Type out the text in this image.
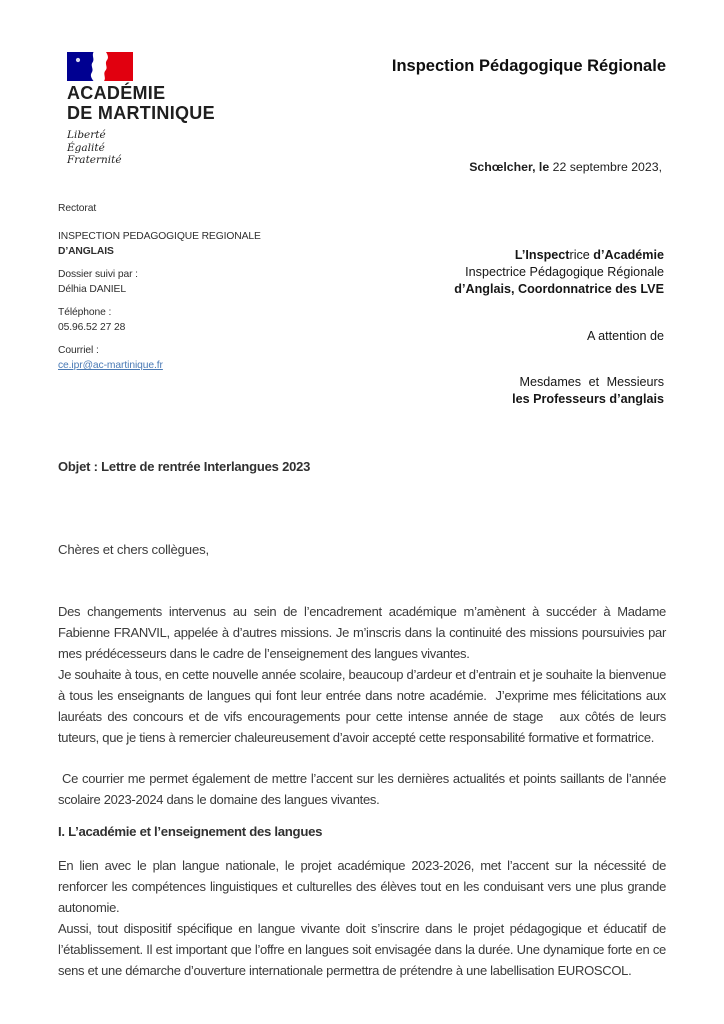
ACADÉMIE
DE MARTINIQUE
Liberté
Égalité
Fraternité
Inspection Pédagogique Régionale
Schœlcher, le 22 septembre 2023,
Rectorat
INSPECTION PEDAGOGIQUE REGIONALE
D’ANGLAIS
Dossier suivi par :
Délhia DANIEL
Téléphone :
05.96.52 27 28
Courriel :
ce.ipr@ac-martinique.fr
L’Inspectrice d’Académie
Inspectrice Pédagogique Régionale
d’Anglais, Coordonnatrice des LVE
A attention de
Mesdames et Messieurs
les Professeurs d’anglais
Objet : Lettre de rentrée Interlangues 2023
Chères et chers collègues,

Des changements intervenus au sein de l’encadrement académique m’amènent à succéder à Madame Fabienne FRANVIL, appelée à d’autres missions. Je m’inscris dans la continuité des missions poursuivies par mes prédécesseurs dans le cadre de l’enseignement des langues vivantes.

Je souhaite à tous, en cette nouvelle année scolaire, beaucoup d’ardeur et d’entrain et je souhaite la bienvenue à tous les enseignants de langues qui font leur entrée dans notre académie.  J’exprime mes félicitations aux lauréats des concours et de vifs encouragements pour cette intense année de stage   aux côtés de leurs tuteurs, que je tiens à remercier chaleureusement d’avoir accepté cette responsabilité formative et formatrice.

Ce courrier me permet également de mettre l’accent sur les dernières actualités et points saillants de l’année scolaire 2023-2024 dans le domaine des langues vivantes.

I. L’académie et l’enseignement des langues

En lien avec le plan langue nationale, le projet académique 2023-2026, met l’accent sur la nécessité de renforcer les compétences linguistiques et culturelles des élèves tout en les conduisant vers une plus grande autonomie.

Aussi, tout dispositif spécifique en langue vivante doit s’inscrire dans le projet pédagogique et éducatif de l’établissement. Il est important que l’offre en langues soit envisagée dans la durée. Une dynamique forte en ce sens et une démarche d’ouverture internationale permettra de prétendre à une labellisation EUROSCOL.
